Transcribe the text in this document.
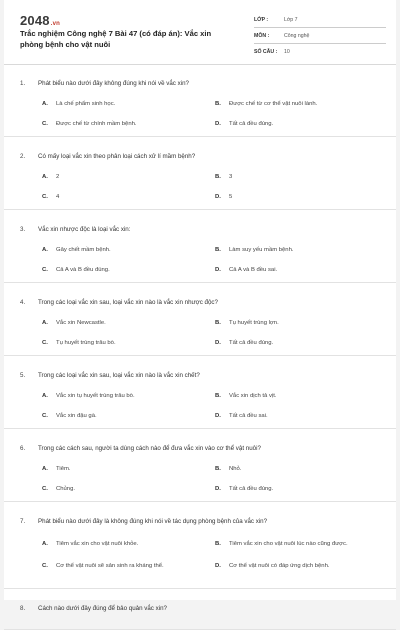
2048.vn
Trắc nghiệm Công nghệ 7 Bài 47 (có đáp án): Vắc xin phòng bệnh cho vật nuôi
LỚP :	Lớp 7
MÔN :	Công nghệ
SỐ CÂU :	10
1. Phát biểu nào dưới đây không đúng khi nói về vắc xin?
A.	Là chế phẩm sinh học.	B.	Được chế từ cơ thể vật nuôi lành.
C.	Được chế từ chính mầm bệnh.	D.	Tất cả đều đúng.
2. Có mấy loại vắc xin theo phân loại cách xử lí mầm bệnh?
A.	2	B.	3
C.	4	D.	5
3. Vắc xin nhược độc là loại vắc xin:
A.	Gây chết mầm bệnh.	B.	Làm suy yếu mầm bệnh.
C.	Cả A và B đều đúng.	D.	Cả A và B đều sai.
4. Trong các loại vắc xin sau, loại vắc xin nào là vắc xin nhược độc?
A.	Vắc xin Newcastle.	B.	Tụ huyết trùng lợn.
C.	Tụ huyết trùng trâu bò.	D.	Tất cả đều đúng.
5. Trong các loại vắc xin sau, loại vắc xin nào là vắc xin chết?
A.	Vắc xin tụ huyết trùng trâu bò.	B.	Vắc xin dịch tả vịt.
C.	Vắc xin đậu gà.	D.	Tất cả đều sai.
6. Trong các cách sau, người ta dùng cách nào để đưa vắc xin vào cơ thể vật nuôi?
A.	Tiêm.	B.	Nhỏ.
C.	Chủng.	D.	Tất cả đều đúng.
7. Phát biểu nào dưới đây là không đúng khi nói về tác dụng phòng bệnh của vắc xin?
A.	Tiêm vắc xin cho vật nuôi khỏe.	B.	Tiêm vắc xin cho vật nuôi lúc nào cũng được.
C.	Cơ thể vật nuôi sẽ sản sinh ra kháng thể.	D.	Cơ thể vật nuôi có đáp ứng dịch bệnh.
8. Cách nào dưới đây đúng để bảo quản vắc xin?
